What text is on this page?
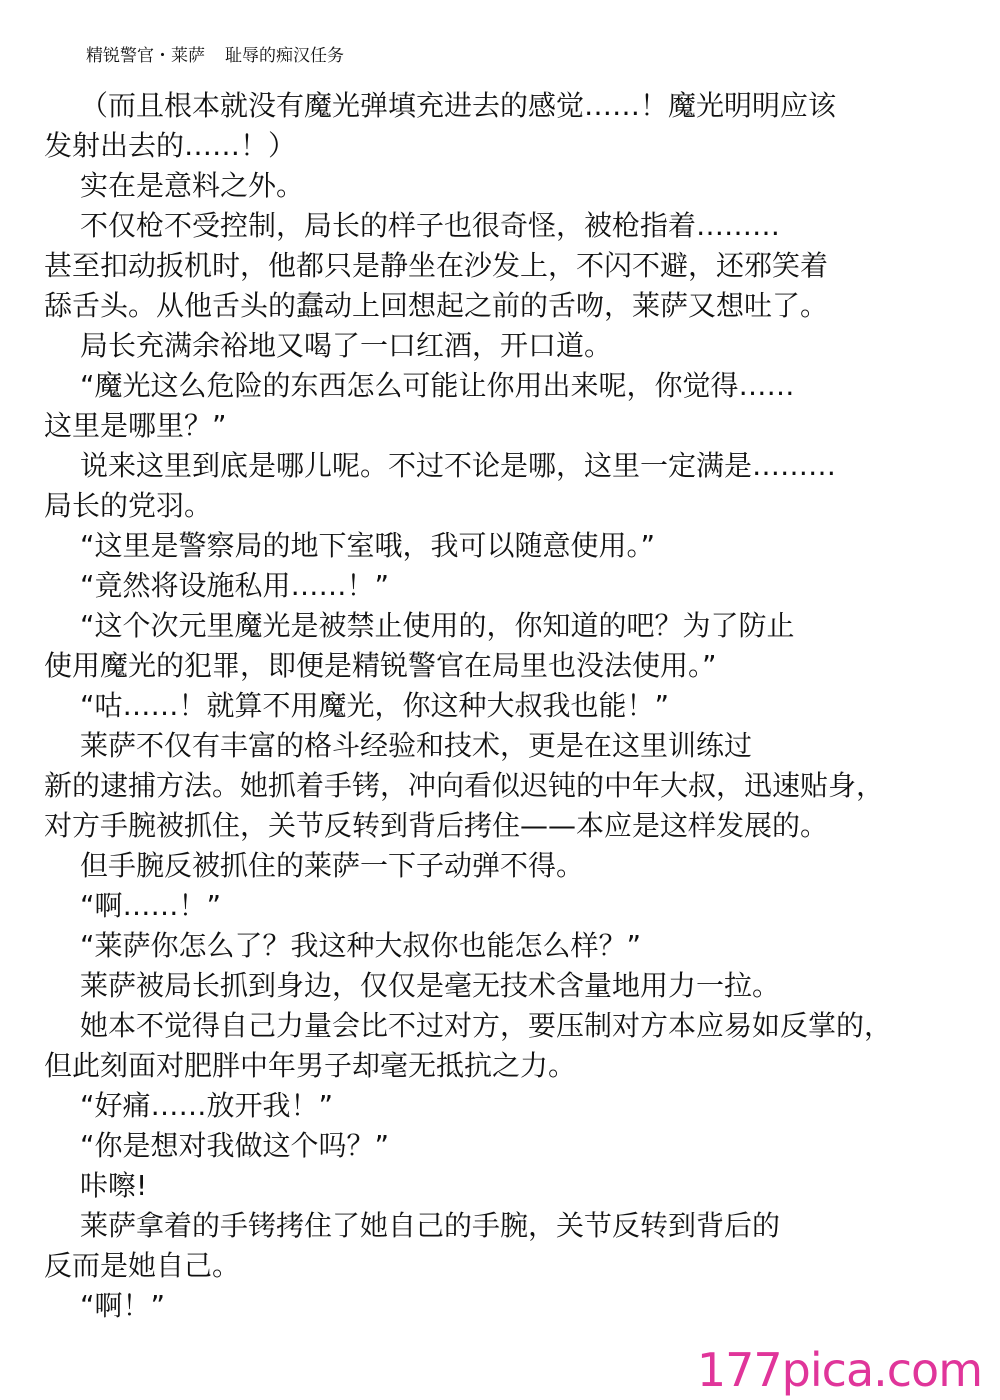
精锐警官・莱萨 耻辱的痴汉任务
（而且根本就没有魔光弹填充进去的感觉……！魔光明明应该
发射出去的……！）
实在是意料之外。
不仅枪不受控制，局长的样子也很奇怪，被枪指着………
甚至扣动扳机时，他都只是静坐在沙发上，不闪不避，还邪笑着
舔舌头。从他舌头的蠢动上回想起之前的舌吻，莱萨又想吐了。
局长充满余裕地又喝了一口红酒，开口道。
“魔光这么危险的东西怎么可能让你用出来呢，你觉得……
这里是哪里？”
说来这里到底是哪儿呢。不过不论是哪，这里一定满是………
局长的党羽。
“这里是警察局的地下室哦，我可以随意使用。”
“竟然将设施私用……！”
“这个次元里魔光是被禁止使用的，你知道的吧？为了防止
使用魔光的犯罪，即便是精锐警官在局里也没法使用。”
“咕……！就算不用魔光，你这种大叔我也能！”
莱萨不仅有丰富的格斗经验和技术，更是在这里训练过
新的逮捕方法。她抓着手铐，冲向看似迟钝的中年大叔，迅速贴身，
对方手腕被抓住，关节反转到背后拷住——本应是这样发展的。
但手腕反被抓住的莱萨一下子动弹不得。
“啊……！”
“莱萨你怎么了？我这种大叔你也能怎么样？”
莱萨被局长抓到身边，仅仅是毫无技术含量地用力一拉。
她本不觉得自己力量会比不过对方，要压制对方本应易如反掌的，
但此刻面对肥胖中年男子却毫无抵抗之力。
“好痛……放开我！”
“你是想对我做这个吗？”
咔嚓!
莱萨拿着的手铐拷住了她自己的手腕，关节反转到背后的
反而是她自己。
“啊！”
177pica.com
